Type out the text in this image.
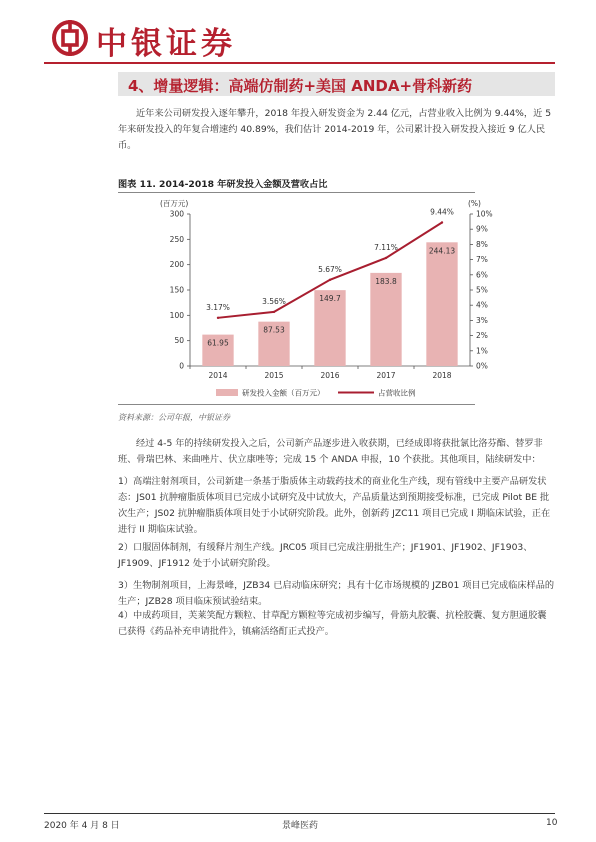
中银证券
4、增量逻辑：高端仿制药+美国 ANDA+骨科新药
近年来公司研发投入逐年攀升，2018 年投入研发资金为 2.44 亿元，占营业收入比例为 9.44%，近 5 年来研发投入的年复合增速约 40.89%，我们估计 2014-2019 年，公司累计投入研发投入接近 9 亿人民币。
图表 11. 2014-2018 年研发投入金额及营收占比
(百万元)	(%)
0
50
100
150
200
250
300
0%
1%
2%
3%
4%
5%
6%
7%
8%
9%
10%
2014	2015	2016	2017	2018
61.95
87.53
149.7
183.8
244.13
3.17%
3.56%
5.67%
7.11%
9.44%
研发投入金额（百万元）	占营收比例
资料来源：公司年报，中银证券
经过 4-5 年的持续研发投入之后，公司新产品逐步进入收获期，已经成即将获批氯比洛芬酯、替罗非班、骨瑞巴林、来曲唑片、伏立康唑等；完成 15 个 ANDA 申报，10 个获批。其他项目，陆续研发中：
1）高端注射剂项目，公司新建一条基于脂质体主动载药技术的商业化生产线，现有管线中主要产品研发状态：JS01 抗肿瘤脂质体项目已完成小试研究及中试放大，产品质量达到预期接受标准，已完成 Pilot BE 批次生产；JS02 抗肿瘤脂质体项目处于小试研究阶段。此外，创新药 JZC11 项目已完成 I 期临床试验，正在进行 II 期临床试验。
2）口服固体制剂，有缓释片剂生产线。JRC05 项目已完成注册批生产；JF1901、JF1902、JF1903、JF1909、JF1912 处于小试研究阶段。
3）生物制剂项目，上海景峰，JZB34 已启动临床研究；具有十亿市场规模的 JZB01 项目已完成临床样品的生产；JZB28 项目临床预试验结束。
4）中成药项目，芙莱笑配方颗粒、甘草配方颗粒等完成初步编写，骨筋丸胶囊、抗栓胶囊、复方胆通胶囊已获得《药品补充申请批件》，镇痛活络酊正式投产。
2020 年 4 月 8 日	景峰医药	10
